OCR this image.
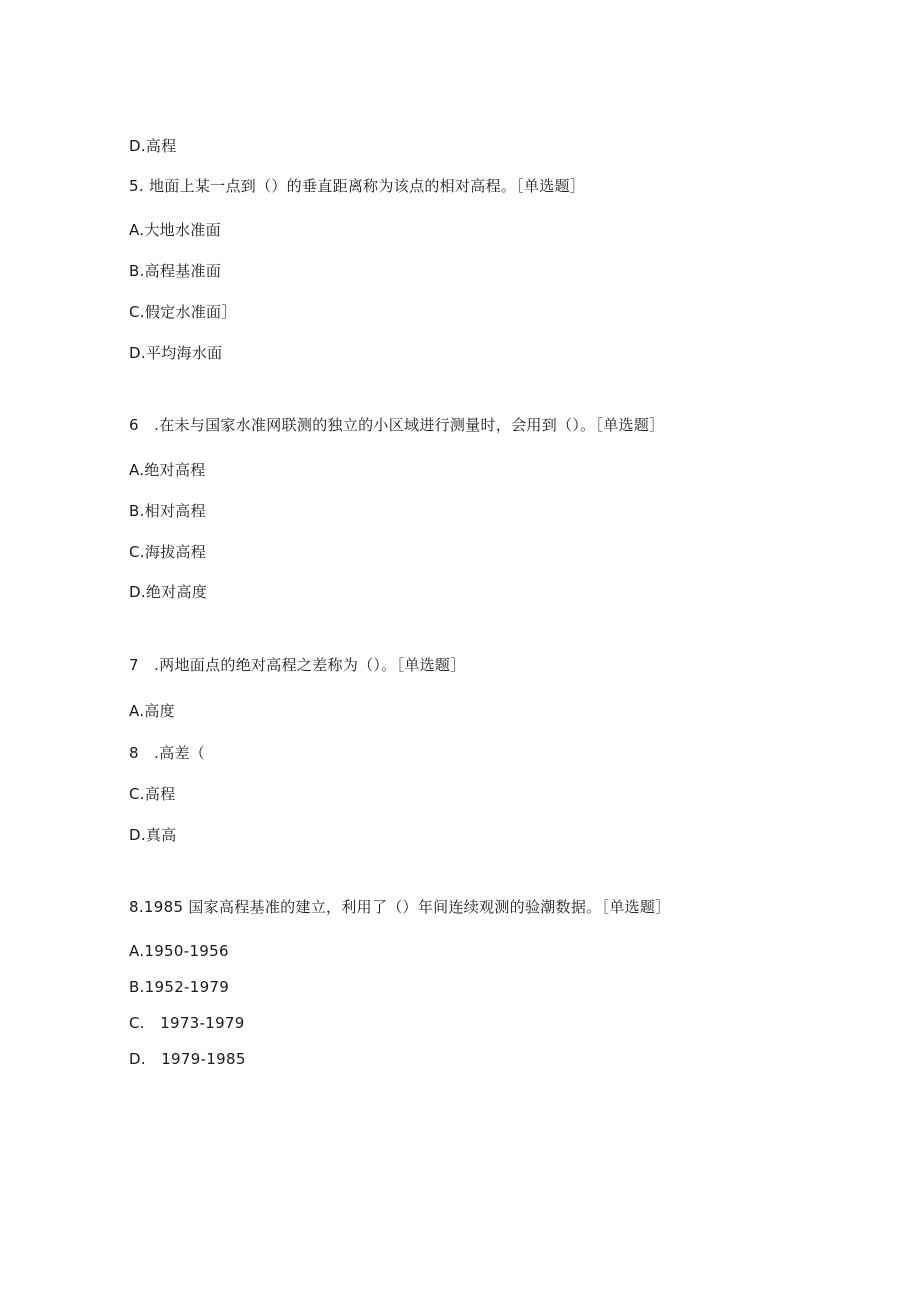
D.高程
5. 地面上某一点到（）的垂直距离称为该点的相对高程。［单选题］
A.大地水准面
B.高程基准面
C.假定水准面］
D.平均海水面
6　.在未与国家水准网联测的独立的小区域进行测量时，会用到（）。［单选题］
A.绝对高程
B.相对高程
C.海拔高程
D.绝对高度
7　.两地面点的绝对高程之差称为（）。［单选题］
A.高度
8　.高差（
C.高程
D.真高
8.1985 国家高程基准的建立，利用了（）年间连续观测的验潮数据。［单选题］
A.1950-1956
B.1952-1979
C.　1973-1979
D.　1979-1985
